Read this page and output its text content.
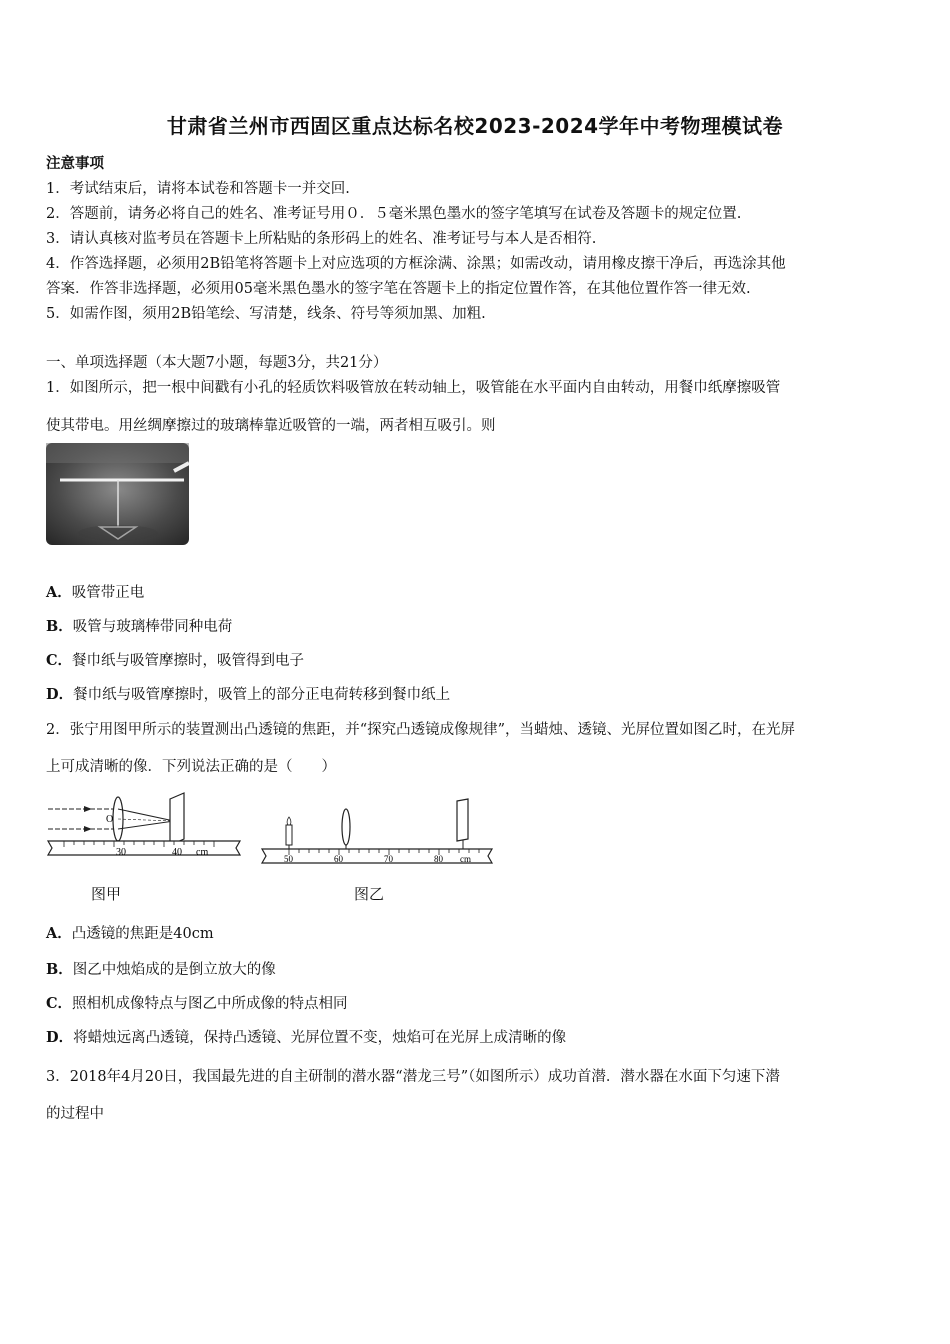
甘肃省兰州市西固区重点达标名校2023-2024学年中考物理模试卷
注意事项
1．考试结束后，请将本试卷和答题卡一并交回.
2．答题前，请务必将自己的姓名、准考证号用０．５毫米黑色墨水的签字笔填写在试卷及答题卡的规定位置.
3．请认真核对监考员在答题卡上所粘贴的条形码上的姓名、准考证号与本人是否相符.
4．作答选择题，必须用2B铅笔将答题卡上对应选项的方框涂满、涂黑；如需改动，请用橡皮擦干净后，再选涂其他
答案．作答非选择题，必须用05毫米黑色墨水的签字笔在答题卡上的指定位置作答，在其他位置作答一律无效.
5．如需作图，须用2B铅笔绘、写清楚，线条、符号等须加黑、加粗.
一、单项选择题（本大题7小题，每题3分，共21分）
1．如图所示，把一根中间戳有小孔的轻质饮料吸管放在转动轴上，吸管能在水平面内自由转动，用餐巾纸摩擦吸管
使其带电。用丝绸摩擦过的玻璃棒靠近吸管的一端，两者相互吸引。则
A．吸管带正电
B．吸管与玻璃棒带同种电荷
C．餐巾纸与吸管摩擦时，吸管得到电子
D．餐巾纸与吸管摩擦时，吸管上的部分正电荷转移到餐巾纸上
2．张宁用图甲所示的装置测出凸透镜的焦距，并“探究凸透镜成像规律”，当蜡烛、透镜、光屏位置如图乙时，在光屏
上可成清晰的像．下列说法正确的是（　　）
O
30	40 cm
图甲
50	60	70	80 cm
图乙
A．凸透镜的焦距是40cm
B．图乙中烛焰成的是倒立放大的像
C．照相机成像特点与图乙中所成像的特点相同
D．将蜡烛远离凸透镜，保持凸透镜、光屏位置不变，烛焰可在光屏上成清晰的像
3．2018年4月20日，我国最先进的自主研制的潜水器“潜龙三号”（如图所示）成功首潜．潜水器在水面下匀速下潜
的过程中
